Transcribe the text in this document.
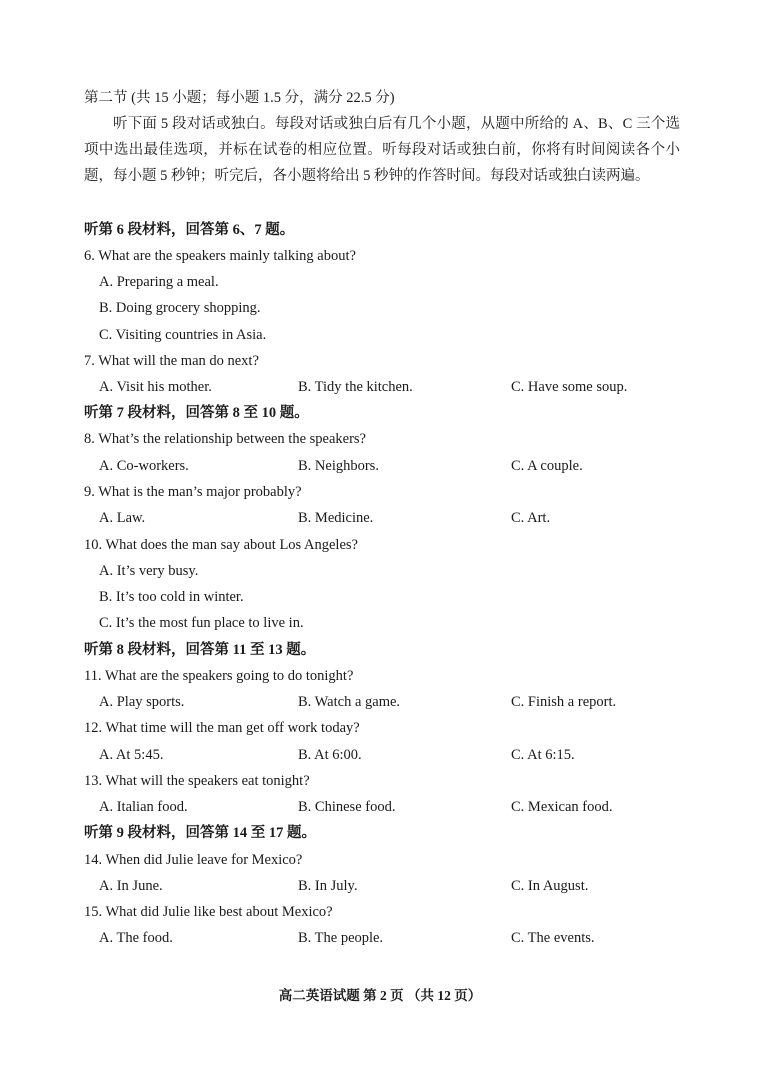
第二节 (共 15 小题；每小题 1.5 分，满分 22.5 分)
听下面 5 段对话或独白。每段对话或独白后有几个小题，从题中所给的 A、B、C 三个选项中选出最佳选项，并标在试卷的相应位置。听每段对话或独白前，你将有时间阅读各个小题，每小题 5 秒钟；听完后，各小题将给出 5 秒钟的作答时间。每段对话或独白读两遍。
听第 6 段材料，回答第 6、7 题。
6. What are the speakers mainly talking about?
A. Preparing a meal.
B. Doing grocery shopping.
C. Visiting countries in Asia.
7. What will the man do next?
A. Visit his mother.	B. Tidy the kitchen.	C. Have some soup.
听第 7 段材料，回答第 8 至 10 题。
8. What’s the relationship between the speakers?
A. Co-workers.	B. Neighbors.	C. A couple.
9. What is the man’s major probably?
A. Law.	B. Medicine.	C. Art.
10. What does the man say about Los Angeles?
A. It’s very busy.
B. It’s too cold in winter.
C. It’s the most fun place to live in.
听第 8 段材料，回答第 11 至 13 题。
11. What are the speakers going to do tonight?
A. Play sports.	B. Watch a game.	C. Finish a report.
12. What time will the man get off work today?
A. At 5:45.	B. At 6:00.	C. At 6:15.
13. What will the speakers eat tonight?
A. Italian food.	B. Chinese food.	C. Mexican food.
听第 9 段材料，回答第 14 至 17 题。
14. When did Julie leave for Mexico?
A. In June.	B. In July.	C. In August.
15. What did Julie like best about Mexico?
A. The food.	B. The people.	C. The events.
高二英语试题 第 2 页 （共 12 页）
